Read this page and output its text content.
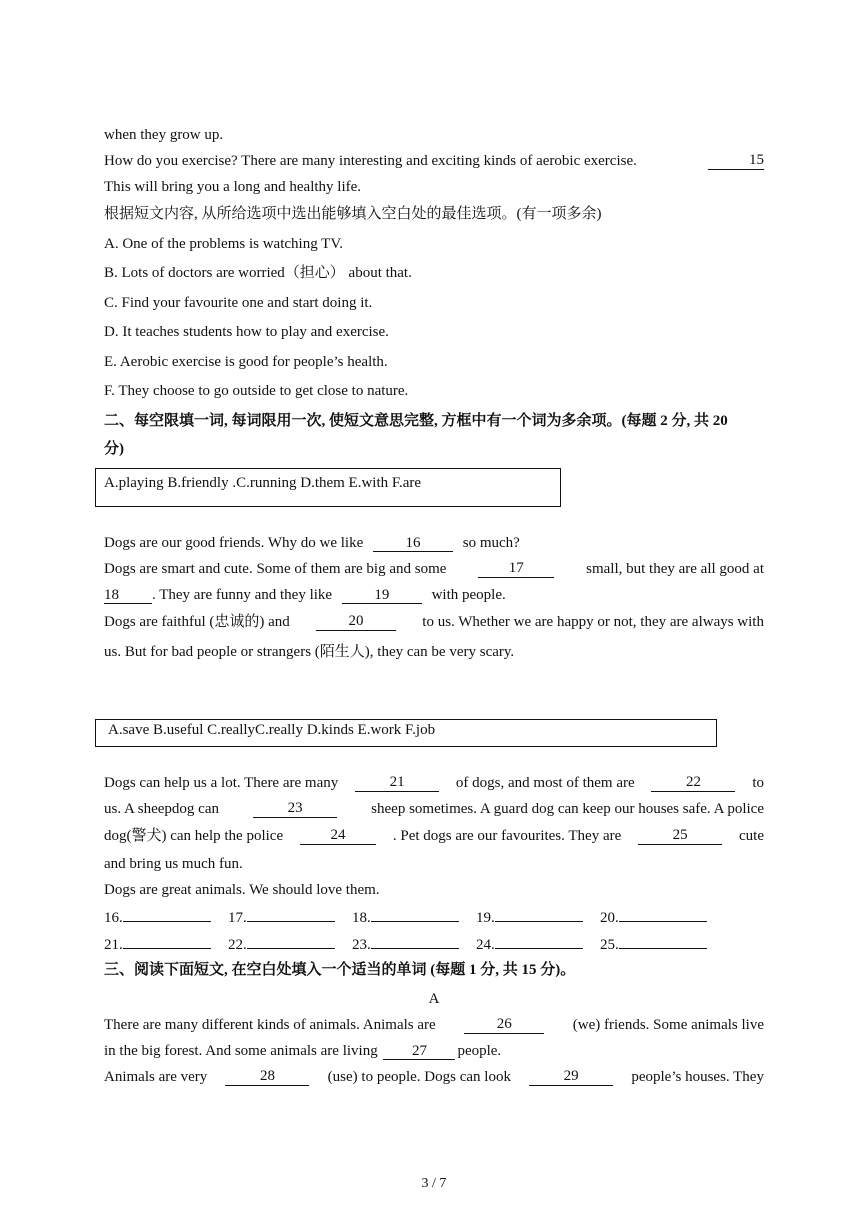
when they grow up.
How do you exercise? There are many interesting and exciting kinds of aerobic exercise.	15
This will bring you a long and healthy life.
根据短文内容, 从所给选项中选出能够填入空白处的最佳选项。(有一项多余)
A. One of the problems is watching TV.
B. Lots of doctors are worried（担心） about that.
C. Find your favourite one and start doing it.
D. It teaches students how to play and exercise.
E. Aerobic exercise is good for people’s health.
F. They choose to go outside to get close to nature.
二、每空限填一词, 每词限用一次, 使短文意思完整, 方框中有一个词为多余项。(每题 2 分, 共 20
分)
A.playing B.friendly .C.running D.them E.with F.are
Dogs are our good friends. Why do we like	16	so much?
Dogs are smart and cute. Some of them are big and some	17	small, but they are all good at
18 . They are funny and they like	19	with people.
Dogs are faithful (忠诚的) and	20	to us. Whether we are happy or not, they are always with
us. But for bad people or strangers (陌生人), they can be very scary.
A.save B.useful C.reallyC.really D.kinds E.work F.job
Dogs can help us a lot. There are many	21	of dogs, and most of them are	22	to
us. A sheepdog can	23	sheep sometimes. A guard dog can keep our houses safe. A police
dog(警犬) can help the police	24	. Pet dogs are our favourites. They are	25	cute
and bring us much fun.
Dogs are great animals. We should love them.
16.	17.	18.	19.	20.
21.	22.	23.	24.	25.
三、阅读下面短文, 在空白处填入一个适当的单词 (每题 1 分, 共 15 分)。
A
There are many different kinds of animals. Animals are	26	(we) friends. Some animals live
in the big forest. And some animals are living 27 people.
Animals are very	28	(use) to people. Dogs can look	29	people’s houses. They
3 / 7
